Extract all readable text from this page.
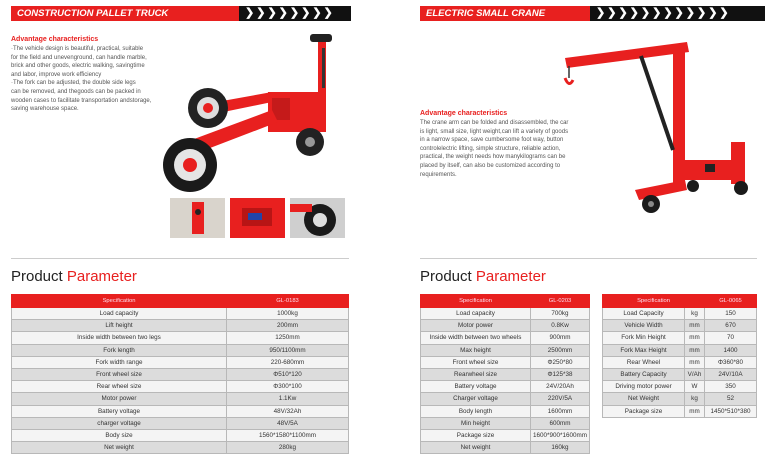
CONSTRUCTION PALLET TRUCK	❯ ❯ ❯ ❯ ❯ ❯ ❯ ❯	ELECTRIC SMALL CRANE	❯ ❯ ❯ ❯ ❯ ❯ ❯ ❯ ❯ ❯ ❯ ❯
Advantage characteristics
·The vehicle design is beautiful, practical, suitable
for the field and unevenground, can handle marble,
brick and other goods, electric walking, savingtime
and labor, improve work efficiency
·The fork can be adjusted, the double side legs
can be removed, and thegoods can be packed in
wooden cases to facilitate transportation andstorage,
saving warehouse space.
Advantage characteristics
The crane arm can be folded and disassembled, the car
is light, small size, light weight,can lift a variety of goods
in a narrow space, save cumbersome foot way, button
controlelectric lifting, simple structure, reliable action,
practical, the weight needs how manykilograms can be
placed by itself, can also be customized according to
requirements.
Product Parameter	Product Parameter
Specification	GL-0183
Load capacity	1000kg
Lift height	200mm
Inside width between two legs	1250mm
Fork length	950/1100mm
Fork width range	220-680mm
Front wheel size	Φ510*120
Rear wheel size	Φ300*100
Motor power	1.1Kw
Battery voltage	48V/32Ah
charger voltage	48V/5A
Body size	1560*1580*1100mm
Net weight	280kg
Specification	GL-0203
Load capacity	700kg
Motor power	0.8Kw
Inside width between two wheels	900mm
Max height	2500mm
Front wheel size	Φ250*80
Rearwheel size	Φ125*38
Battery voltage	24V/20Ah
Charger voltage	220V/5A
Body length	1600mm
Min height	600mm
Package size	1600*900*1600mm
Net weight	160kg
Specification		GL-0065
Load Capacity	kg	150
Vehicle Width	mm	670
Fork Min Height	mm	70
Fork Max Height	mm	1400
Rear Wheel	mm	Φ360*80
Battery Capacity	V/Ah	24V/10A
Driving motor power	W	350
Net Weight	kg	52
Package size	mm	1450*510*380
